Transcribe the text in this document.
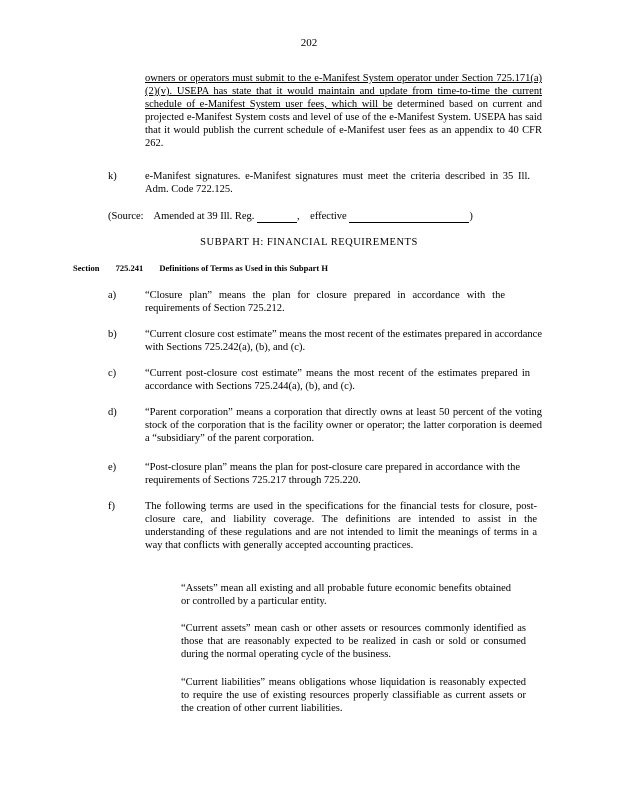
202
owners or operators must submit to the e-Manifest System operator under Section 725.171(a)(2)(v). USEPA has state that it would maintain and update from time-to-time the current schedule of e-Manifest System user fees, which will be determined based on current and projected e-Manifest System costs and level of use of the e-Manifest System. USEPA has said that it would publish the current schedule of e-Manifest user fees as an appendix to 40 CFR 262.
k)	e-Manifest signatures. e-Manifest signatures must meet the criteria described in 35 Ill. Adm. Code 722.125.
(Source: Amended at 39 Ill. Reg.	, effective	)
SUBPART H: FINANCIAL REQUIREMENTS
Section 725.241 Definitions of Terms as Used in this Subpart H
a)	“Closure plan” means the plan for closure prepared in accordance with the requirements of Section 725.212.
b)	“Current closure cost estimate” means the most recent of the estimates prepared in accordance with Sections 725.242(a), (b), and (c).
c)	“Current post-closure cost estimate” means the most recent of the estimates prepared in accordance with Sections 725.244(a), (b), and (c).
d)	“Parent corporation” means a corporation that directly owns at least 50 percent of the voting stock of the corporation that is the facility owner or operator; the latter corporation is deemed a “subsidiary” of the parent corporation.
e)	“Post-closure plan” means the plan for post-closure care prepared in accordance with the requirements of Sections 725.217 through 725.220.
f)	The following terms are used in the specifications for the financial tests for closure, post-closure care, and liability coverage. The definitions are intended to assist in the understanding of these regulations and are not intended to limit the meanings of terms in a way that conflicts with generally accepted accounting practices.
“Assets” mean all existing and all probable future economic benefits obtained or controlled by a particular entity.
“Current assets” mean cash or other assets or resources commonly identified as those that are reasonably expected to be realized in cash or sold or consumed during the normal operating cycle of the business.
“Current liabilities” means obligations whose liquidation is reasonably expected to require the use of existing resources properly classifiable as current assets or the creation of other current liabilities.
